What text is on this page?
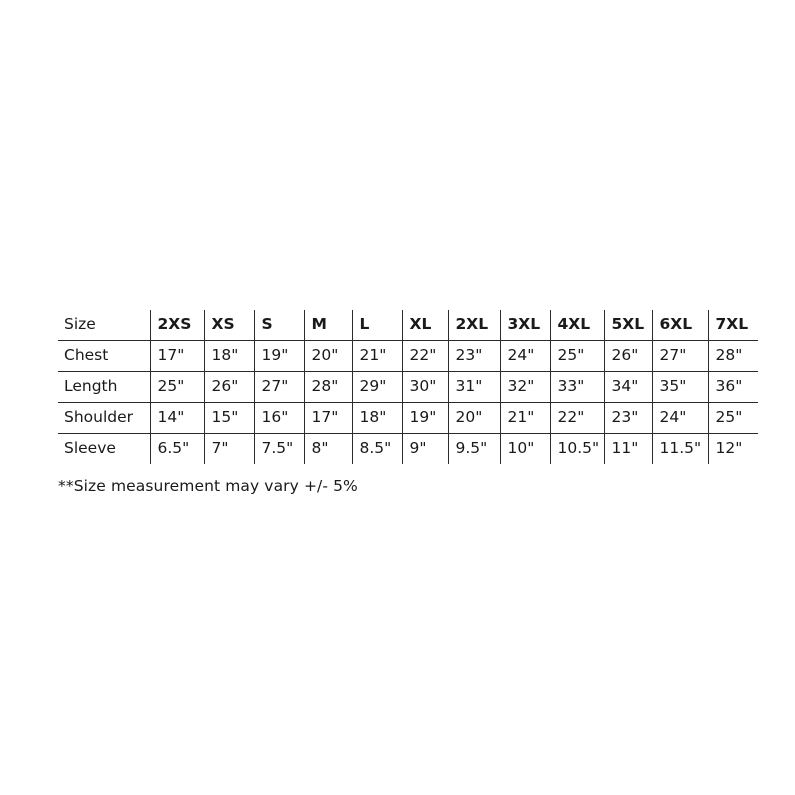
Size	2XS	XS	S	M	L	XL	2XL	3XL	4XL	5XL	6XL	7XL
Chest	17"	18"	19"	20"	21"	22"	23"	24"	25"	26"	27"	28"
Length	25"	26"	27"	28"	29"	30"	31"	32"	33"	34"	35"	36"
Shoulder	14"	15"	16"	17"	18"	19"	20"	21"	22"	23"	24"	25"
Sleeve	6.5"	7"	7.5"	8"	8.5"	9"	9.5"	10"	10.5"	11"	11.5"	12"
**Size measurement may vary +/- 5%
